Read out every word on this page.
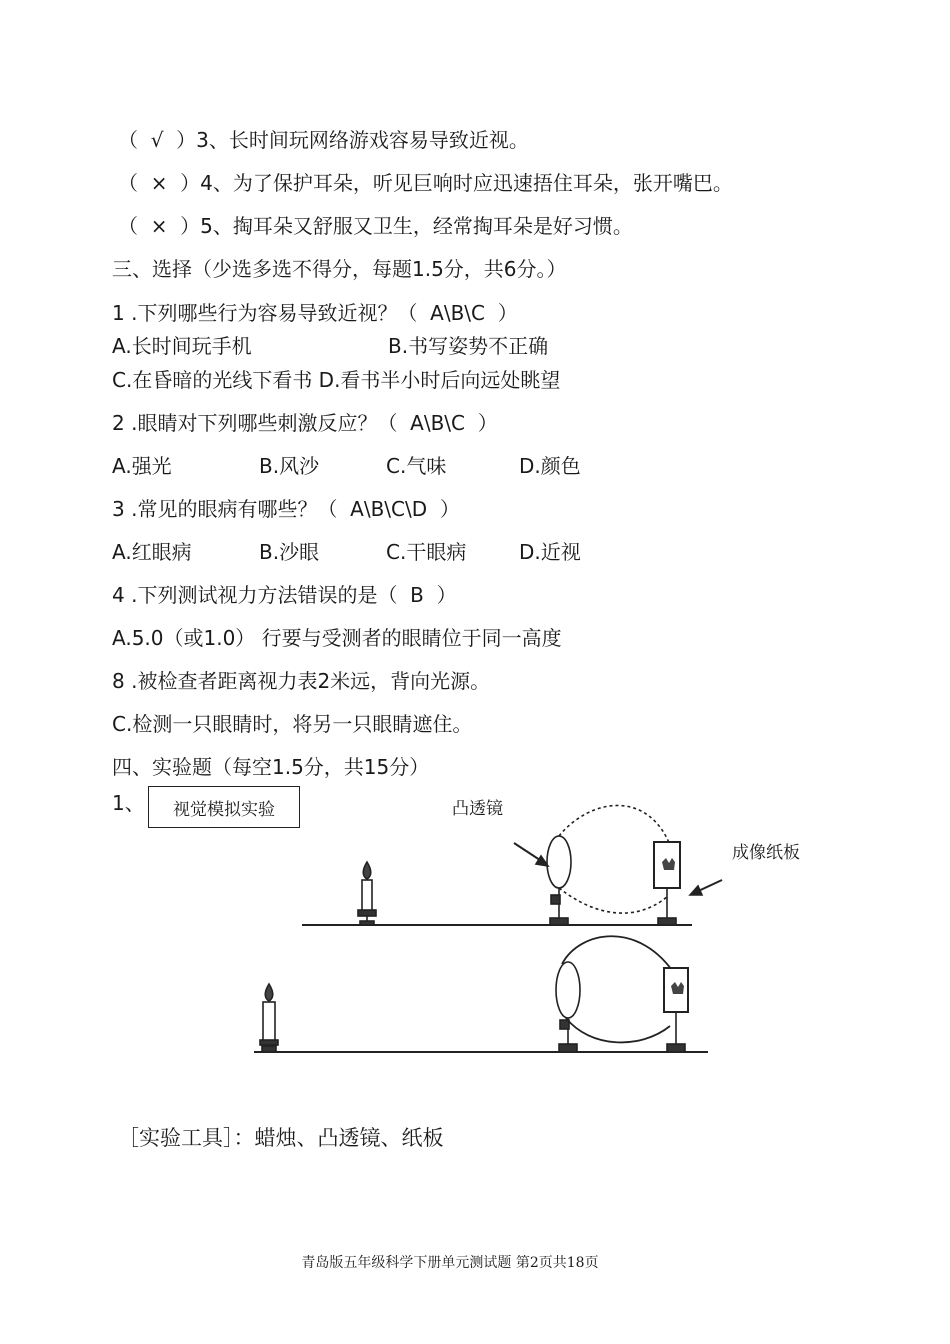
（  √  ）3、长时间玩网络游戏容易导致近视。
（  ×  ）4、为了保护耳朵，听见巨响时应迅速捂住耳朵，张开嘴巴。
（  ×  ）5、掏耳朵又舒服又卫生，经常掏耳朵是好习惯。
三、选择（少选多选不得分，每题1.5分，共6分。）
1 .下列哪些行为容易导致近视？（  A\B\C  ）
A.长时间玩手机	B.书写姿势不正确
C.在昏暗的光线下看书 D.看书半小时后向远处眺望
2 .眼睛对下列哪些刺激反应？（  A\B\C  ）
A.强光	B.风沙	C.气味	D.颜色
3 .常见的眼病有哪些？（  A\B\C\D  ）
A.红眼病	B.沙眼	C.干眼病	D.近视
4 .下列测试视力方法错误的是（  B  ）
A.5.0（或1.0） 行要与受测者的眼睛位于同一高度
8 .被检查者距离视力表2米远，背向光源。
C.检测一只眼睛时，将另一只眼睛遮住。
四、实验题（每空1.5分，共15分）
1、 视觉模拟实验	凸透镜
成像纸板
［实验工具］：蜡烛、凸透镜、纸板
青岛版五年级科学下册单元测试题 第2页共18页
